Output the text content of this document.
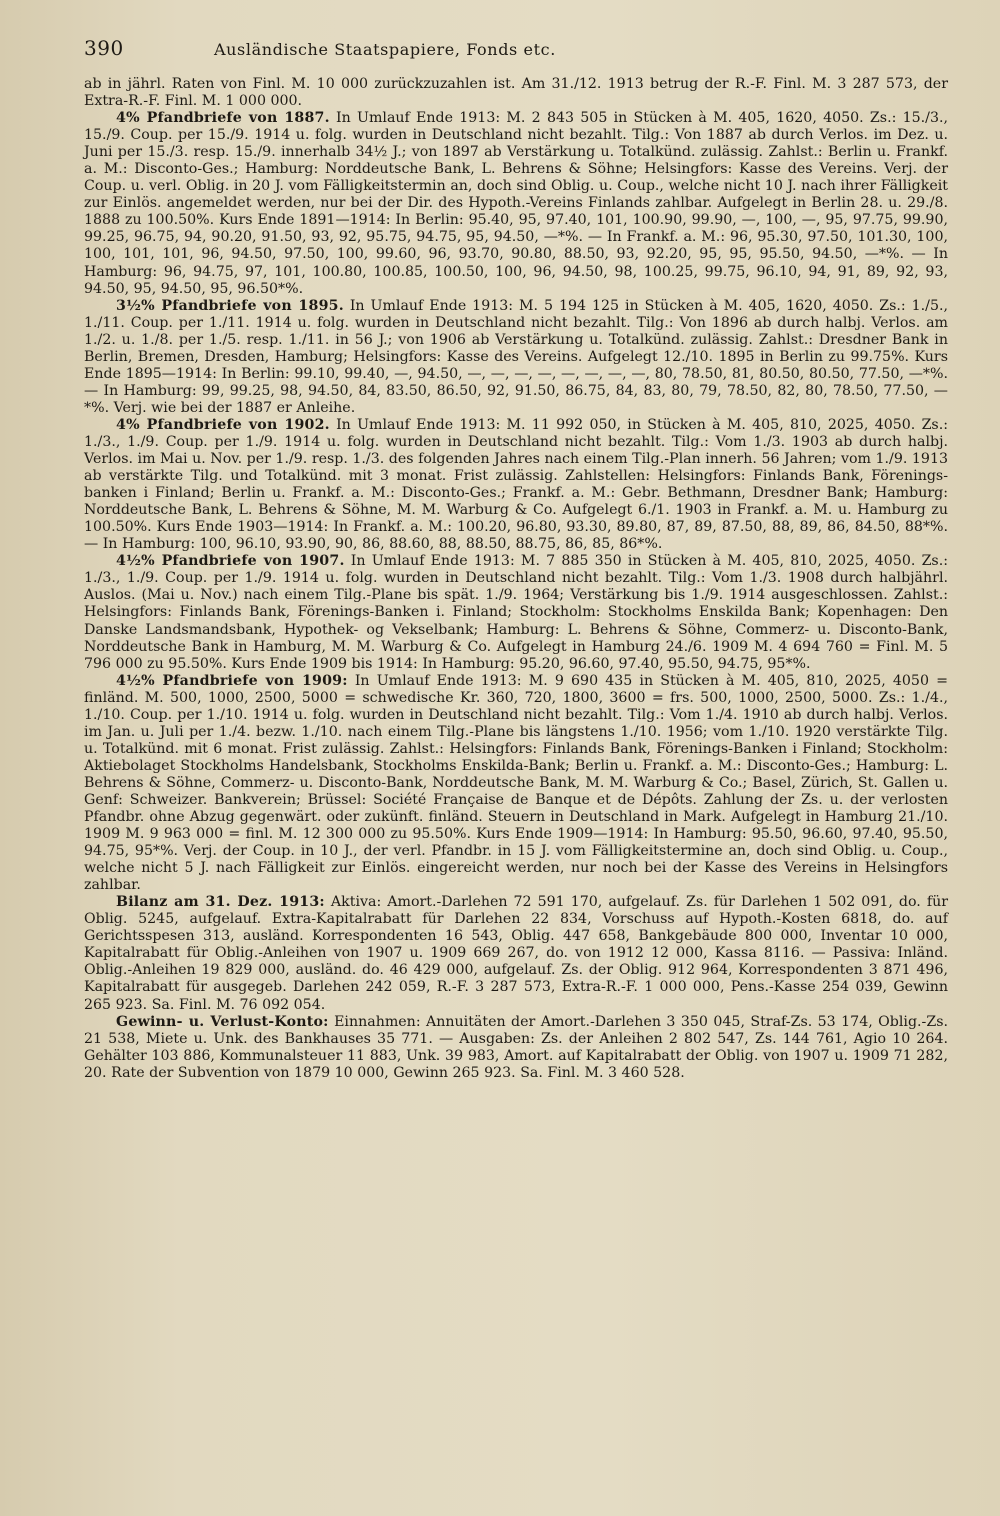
390	Ausländische Staatspapiere, Fonds etc.

ab in jährl. Raten von Finl. M. 10 000 zurückzuzahlen ist. Am 31./12. 1913 betrug der R.-F. Finl. M. 3 287 573, der Extra-R.-F. Finl. M. 1 000 000.

4% Pfandbriefe von 1887. In Umlauf Ende 1913: M. 2 843 505 in Stücken à M. 405, 1620, 4050. Zs.: 15./3., 15./9. Coup. per 15./9. 1914 u. folg. wurden in Deutschland nicht bezahlt. Tilg.: Von 1887 ab durch Verlos. im Dez. u. Juni per 15./3. resp. 15./9. innerhalb 34½ J.; von 1897 ab Verstärkung u. Totalkünd. zulässig. Zahlst.: Berlin u. Frankf. a. M.: Disconto-Ges.; Hamburg: Norddeutsche Bank, L. Behrens & Söhne; Helsingfors: Kasse des Vereins. Verj. der Coup. u. verl. Oblig. in 20 J. vom Fälligkeitstermin an, doch sind Oblig. u. Coup., welche nicht 10 J. nach ihrer Fälligkeit zur Einlös. angemeldet werden, nur bei der Dir. des Hypoth.-Vereins Finlands zahlbar. Aufgelegt in Berlin 28. u. 29./8. 1888 zu 100.50%. Kurs Ende 1891—1914: In Berlin: 95.40, 95, 97.40, 101, 100.90, 99.90, —, 100, —, 95, 97.75, 99.90, 99.25, 96.75, 94, 90.20, 91.50, 93, 92, 95.75, 94.75, 95, 94.50, —*%. — In Frankf. a. M.: 96, 95.30, 97.50, 101.30, 100, 100, 101, 101, 96, 94.50, 97.50, 100, 99.60, 96, 93.70, 90.80, 88.50, 93, 92.20, 95, 95, 95.50, 94.50, —*%. — In Hamburg: 96, 94.75, 97, 101, 100.80, 100.85, 100.50, 100, 96, 94.50, 98, 100.25, 99.75, 96.10, 94, 91, 89, 92, 93, 94.50, 95, 94.50, 95, 96.50*%.

3½% Pfandbriefe von 1895. In Umlauf Ende 1913: M. 5 194 125 in Stücken à M. 405, 1620, 4050. Zs.: 1./5., 1./11. Coup. per 1./11. 1914 u. folg. wurden in Deutschland nicht bezahlt. Tilg.: Von 1896 ab durch halbj. Verlos. am 1./2. u. 1./8. per 1./5. resp. 1./11. in 56 J.; von 1906 ab Verstärkung u. Totalkünd. zulässig. Zahlst.: Dresdner Bank in Berlin, Bremen, Dresden, Hamburg; Helsingfors: Kasse des Vereins. Aufgelegt 12./10. 1895 in Berlin zu 99.75%. Kurs Ende 1895—1914: In Berlin: 99.10, 99.40, —, 94.50, —, —, —, —, —, —, —, —, 80, 78.50, 81, 80.50, 80.50, 77.50, —*%. — In Hamburg: 99, 99.25, 98, 94.50, 84, 83.50, 86.50, 92, 91.50, 86.75, 84, 83, 80, 79, 78.50, 82, 80, 78.50, 77.50, —*%. Verj. wie bei der 1887 er Anleihe.

4% Pfandbriefe von 1902. In Umlauf Ende 1913: M. 11 992 050, in Stücken à M. 405, 810, 2025, 4050. Zs.: 1./3., 1./9. Coup. per 1./9. 1914 u. folg. wurden in Deutschland nicht bezahlt. Tilg.: Vom 1./3. 1903 ab durch halbj. Verlos. im Mai u. Nov. per 1./9. resp. 1./3. des folgenden Jahres nach einem Tilg.-Plan innerh. 56 Jahren; vom 1./9. 1913 ab verstärkte Tilg. und Totalkünd. mit 3 monat. Frist zulässig. Zahlstellen: Helsingfors: Finlands Bank, Förenings-banken i Finland; Berlin u. Frankf. a. M.: Disconto-Ges.; Frankf. a. M.: Gebr. Bethmann, Dresdner Bank; Hamburg: Norddeutsche Bank, L. Behrens & Söhne, M. M. Warburg & Co. Aufgelegt 6./1. 1903 in Frankf. a. M. u. Hamburg zu 100.50%. Kurs Ende 1903—1914: In Frankf. a. M.: 100.20, 96.80, 93.30, 89.80, 87, 89, 87.50, 88, 89, 86, 84.50, 88*%. — In Hamburg: 100, 96.10, 93.90, 90, 86, 88.60, 88, 88.50, 88.75, 86, 85, 86*%.

4½% Pfandbriefe von 1907. In Umlauf Ende 1913: M. 7 885 350 in Stücken à M. 405, 810, 2025, 4050. Zs.: 1./3., 1./9. Coup. per 1./9. 1914 u. folg. wurden in Deutschland nicht bezahlt. Tilg.: Vom 1./3. 1908 durch halbjährl. Auslos. (Mai u. Nov.) nach einem Tilg.-Plane bis spät. 1./9. 1964; Verstärkung bis 1./9. 1914 ausgeschlossen. Zahlst.: Helsingfors: Finlands Bank, Förenings-Banken i. Finland; Stockholm: Stockholms Enskilda Bank; Kopenhagen: Den Danske Landsmandsbank, Hypothek- og Vekselbank; Hamburg: L. Behrens & Söhne, Commerz- u. Disconto-Bank, Norddeutsche Bank in Hamburg, M. M. Warburg & Co. Aufgelegt in Hamburg 24./6. 1909 M. 4 694 760 = Finl. M. 5 796 000 zu 95.50%. Kurs Ende 1909 bis 1914: In Hamburg: 95.20, 96.60, 97.40, 95.50, 94.75, 95*%.

4½% Pfandbriefe von 1909: In Umlauf Ende 1913: M. 9 690 435 in Stücken à M. 405, 810, 2025, 4050 = finländ. M. 500, 1000, 2500, 5000 = schwedische Kr. 360, 720, 1800, 3600 = frs. 500, 1000, 2500, 5000. Zs.: 1./4., 1./10. Coup. per 1./10. 1914 u. folg. wurden in Deutschland nicht bezahlt. Tilg.: Vom 1./4. 1910 ab durch halbj. Verlos. im Jan. u. Juli per 1./4. bezw. 1./10. nach einem Tilg.-Plane bis längstens 1./10. 1956; vom 1./10. 1920 verstärkte Tilg. u. Totalkünd. mit 6 monat. Frist zulässig. Zahlst.: Helsingfors: Finlands Bank, Förenings-Banken i Finland; Stockholm: Aktiebolaget Stockholms Handelsbank, Stockholms Enskilda-Bank; Berlin u. Frankf. a. M.: Disconto-Ges.; Hamburg: L. Behrens & Söhne, Commerz- u. Disconto-Bank, Norddeutsche Bank, M. M. Warburg & Co.; Basel, Zürich, St. Gallen u. Genf: Schweizer. Bankverein; Brüssel: Société Française de Banque et de Dépôts. Zahlung der Zs. u. der verlosten Pfandbr. ohne Abzug gegenwärt. oder zukünft. finländ. Steuern in Deutschland in Mark. Aufgelegt in Hamburg 21./10. 1909 M. 9 963 000 = finl. M. 12 300 000 zu 95.50%. Kurs Ende 1909—1914: In Hamburg: 95.50, 96.60, 97.40, 95.50, 94.75, 95*%. Verj. der Coup. in 10 J., der verl. Pfandbr. in 15 J. vom Fälligkeitstermine an, doch sind Oblig. u. Coup., welche nicht 5 J. nach Fälligkeit zur Einlös. eingereicht werden, nur noch bei der Kasse des Vereins in Helsingfors zahlbar.

Bilanz am 31. Dez. 1913: Aktiva: Amort.-Darlehen 72 591 170, aufgelauf. Zs. für Darlehen 1 502 091, do. für Oblig. 5245, aufgelauf. Extra-Kapitalrabatt für Darlehen 22 834, Vorschuss auf Hypoth.-Kosten 6818, do. auf Gerichtsspesen 313, ausländ. Korrespondenten 16 543, Oblig. 447 658, Bankgebäude 800 000, Inventar 10 000, Kapitalrabatt für Oblig.-Anleihen von 1907 u. 1909 669 267, do. von 1912 12 000, Kassa 8116. — Passiva: Inländ. Oblig.-Anleihen 19 829 000, ausländ. do. 46 429 000, aufgelauf. Zs. der Oblig. 912 964, Korrespondenten 3 871 496, Kapitalrabatt für ausgegeb. Darlehen 242 059, R.-F. 3 287 573, Extra-R.-F. 1 000 000, Pens.-Kasse 254 039, Gewinn 265 923. Sa. Finl. M. 76 092 054.

Gewinn- u. Verlust-Konto: Einnahmen: Annuitäten der Amort.-Darlehen 3 350 045, Straf-Zs. 53 174, Oblig.-Zs. 21 538, Miete u. Unk. des Bankhauses 35 771. — Ausgaben: Zs. der Anleihen 2 802 547, Zs. 144 761, Agio 10 264. Gehälter 103 886, Kommunalsteuer 11 883, Unk. 39 983, Amort. auf Kapitalrabatt der Oblig. von 1907 u. 1909 71 282, 20. Rate der Subvention von 1879 10 000, Gewinn 265 923. Sa. Finl. M. 3 460 528.
